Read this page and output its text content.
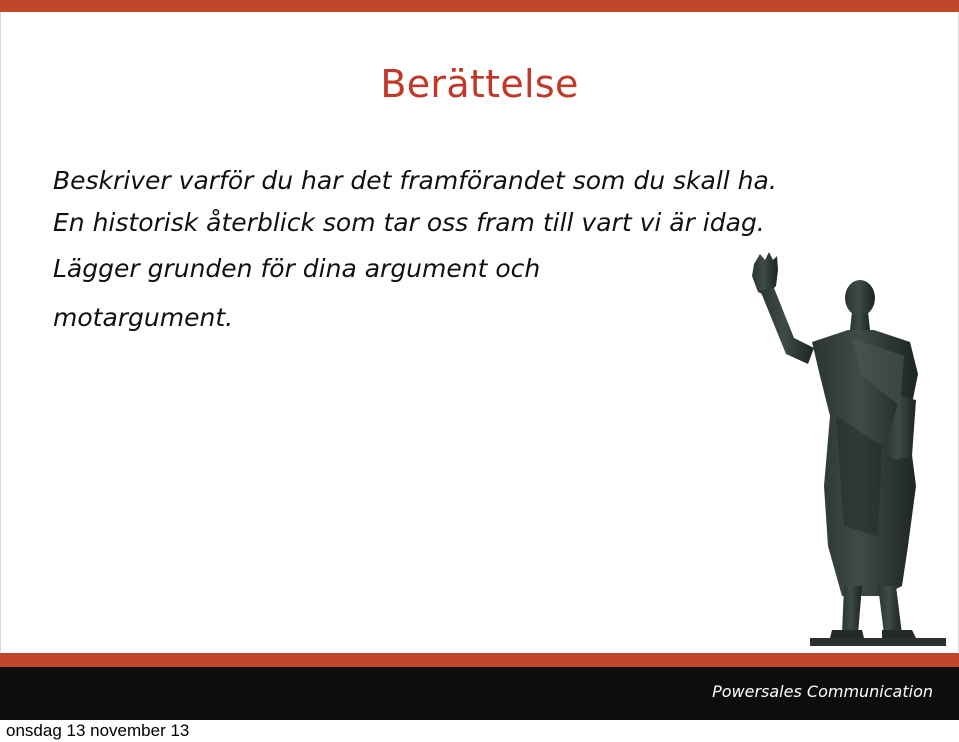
Berättelse
Beskriver varför du har det framförandet som du skall ha.
En historisk återblick som tar oss fram till vart vi är idag.
Lägger grunden för dina argument och
motargument.
Powersales Communication
onsdag 13 november 13
